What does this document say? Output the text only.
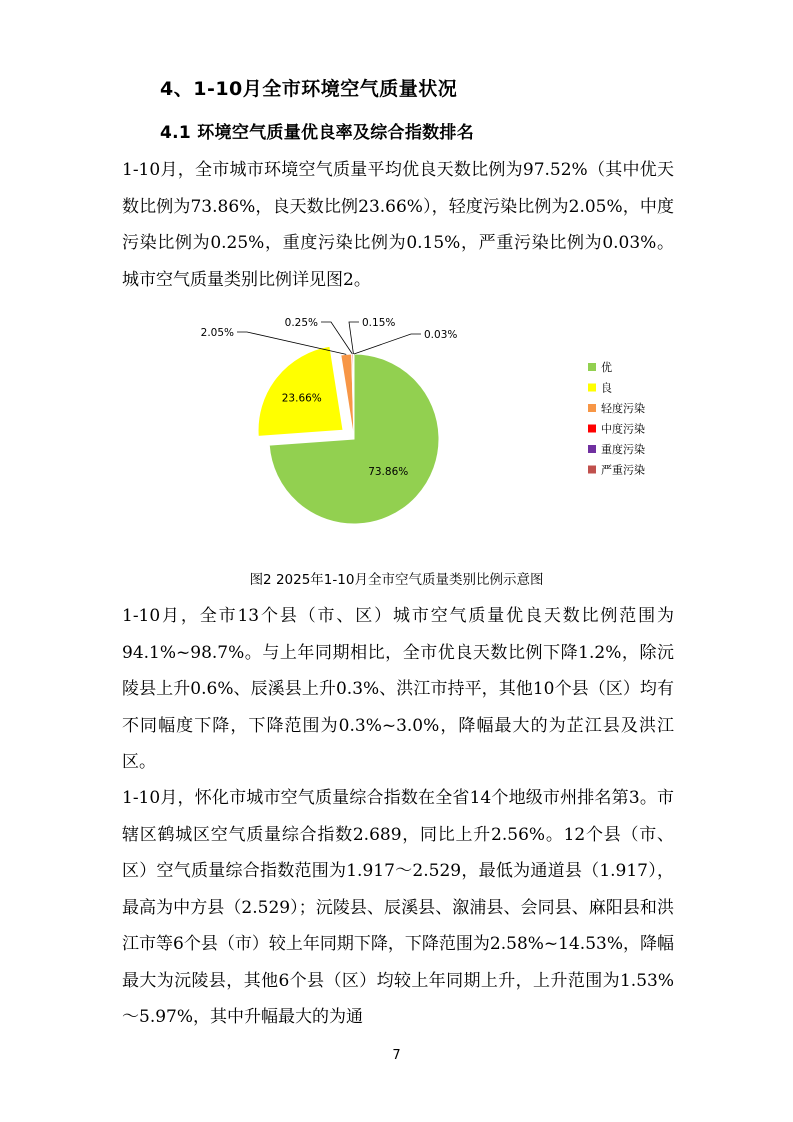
4、1-10月全市环境空气质量状况
4.1 环境空气质量优良率及综合指数排名

1-10月，全市城市环境空气质量平均优良天数比例为97.52%（其中优天数比例为73.86%，良天数比例23.66%），轻度污染比例为2.05%，中度污染比例为0.25%，重度污染比例为0.15%，严重污染比例为0.03%。城市空气质量类别比例详见图2。

73.86%
23.66%
2.05%
0.25%	0.15%
0.03%
优
良
轻度污染
中度污染
重度污染
严重污染
图2 2025年1-10月全市空气质量类别比例示意图

1-10月，全市13个县（市、区）城市空气质量优良天数比例范围为94.1%~98.7%。与上年同期相比，全市优良天数比例下降1.2%，除沅陵县上升0.6%、辰溪县上升0.3%、洪江市持平，其他10个县（区）均有不同幅度下降，下降范围为0.3%~3.0%，降幅最大的为芷江县及洪江区。

1-10月，怀化市城市空气质量综合指数在全省14个地级市州排名第3。市辖区鹤城区空气质量综合指数2.689，同比上升2.56%。12个县（市、区）空气质量综合指数范围为1.917～2.529，最低为通道县（1.917），最高为中方县（2.529）；沅陵县、辰溪县、溆浦县、会同县、麻阳县和洪江市等6个县（市）较上年同期下降，下降范围为2.58%~14.53%，降幅最大为沅陵县，其他6个县（区）均较上年同期上升，上升范围为1.53%～5.97%，其中升幅最大的为通

7
